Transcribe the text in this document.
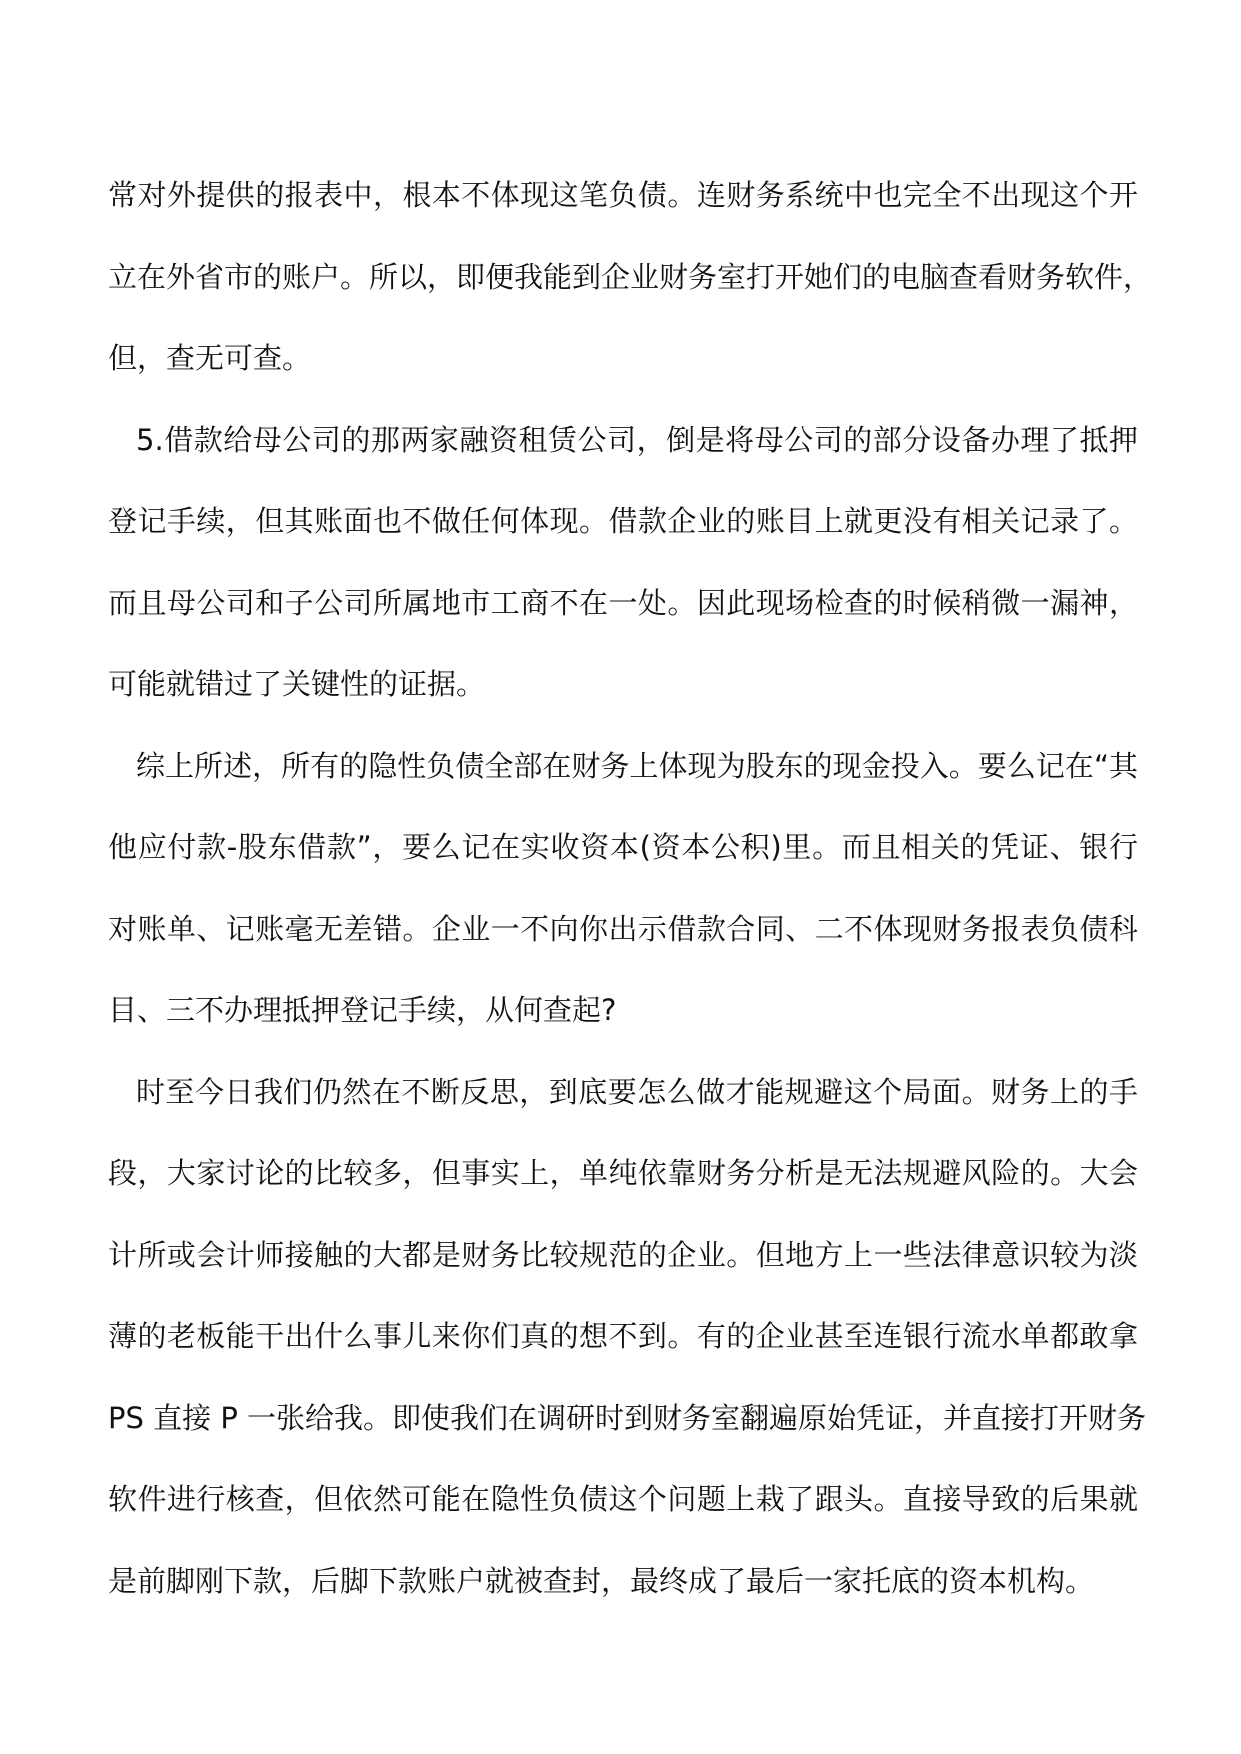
常对外提供的报表中，根本不体现这笔负债。连财务系统中也完全不出现这个开
立在外省市的账户。所以，即便我能到企业财务室打开她们的电脑查看财务软件，
但，查无可查。
5.借款给母公司的那两家融资租赁公司，倒是将母公司的部分设备办理了抵押
登记手续，但其账面也不做任何体现。借款企业的账目上就更没有相关记录了。
而且母公司和子公司所属地市工商不在一处。因此现场检查的时候稍微一漏神，
可能就错过了关键性的证据。
综上所述，所有的隐性负债全部在财务上体现为股东的现金投入。要么记在“其
他应付款-股东借款”，要么记在实收资本(资本公积)里。而且相关的凭证、银行
对账单、记账毫无差错。企业一不向你出示借款合同、二不体现财务报表负债科
目、三不办理抵押登记手续，从何查起?
时至今日我们仍然在不断反思，到底要怎么做才能规避这个局面。财务上的手
段，大家讨论的比较多，但事实上，单纯依靠财务分析是无法规避风险的。大会
计所或会计师接触的大都是财务比较规范的企业。但地方上一些法律意识较为淡
薄的老板能干出什么事儿来你们真的想不到。有的企业甚至连银行流水单都敢拿
PS 直接 P 一张给我。即使我们在调研时到财务室翻遍原始凭证，并直接打开财务
软件进行核查，但依然可能在隐性负债这个问题上栽了跟头。直接导致的后果就
是前脚刚下款，后脚下款账户就被查封，最终成了最后一家托底的资本机构。
